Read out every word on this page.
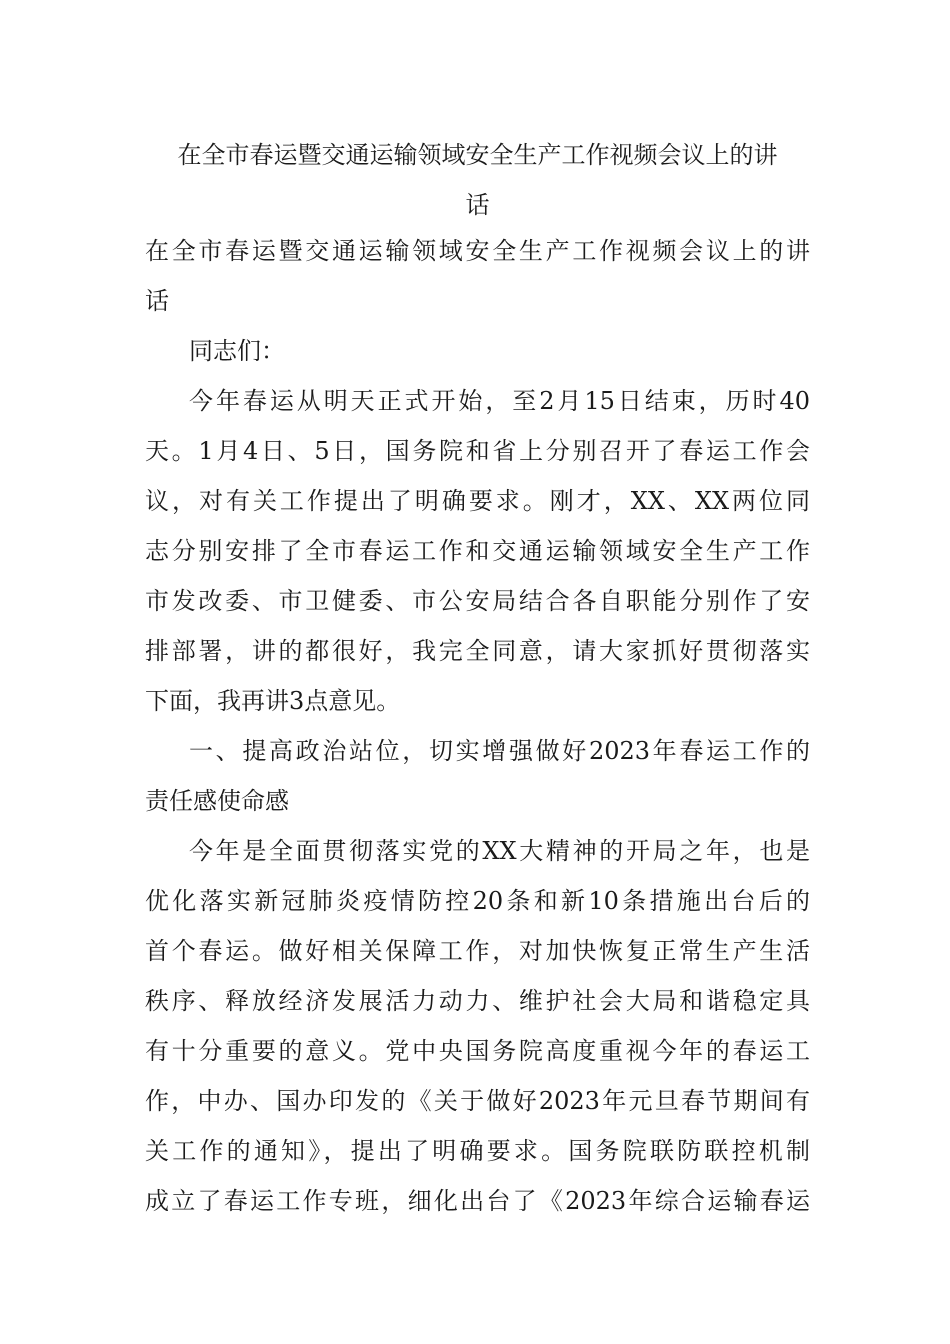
在全市春运暨交通运输领域安全生产工作视频会议上的讲
话
在全市春运暨交通运输领域安全生产工作视频会议上的讲
话
同志们：
今年春运从明天正式开始，至2月15日结束，历时40
天。1月4日、5日，国务院和省上分别召开了春运工作会
议，对有关工作提出了明确要求。刚才，XX、XX两位同
志分别安排了全市春运工作和交通运输领域安全生产工作
市发改委、市卫健委、市公安局结合各自职能分别作了安
排部署，讲的都很好，我完全同意，请大家抓好贯彻落实
下面，我再讲3点意见。
一、提高政治站位，切实增强做好2023年春运工作的
责任感使命感
今年是全面贯彻落实党的XX大精神的开局之年，也是
优化落实新冠肺炎疫情防控20条和新10条措施出台后的
首个春运。做好相关保障工作，对加快恢复正常生产生活
秩序、释放经济发展活力动力、维护社会大局和谐稳定具
有十分重要的意义。党中央国务院高度重视今年的春运工
作，中办、国办印发的《关于做好2023年元旦春节期间有
关工作的通知》，提出了明确要求。国务院联防联控机制
成立了春运工作专班，细化出台了《2023年综合运输春运
